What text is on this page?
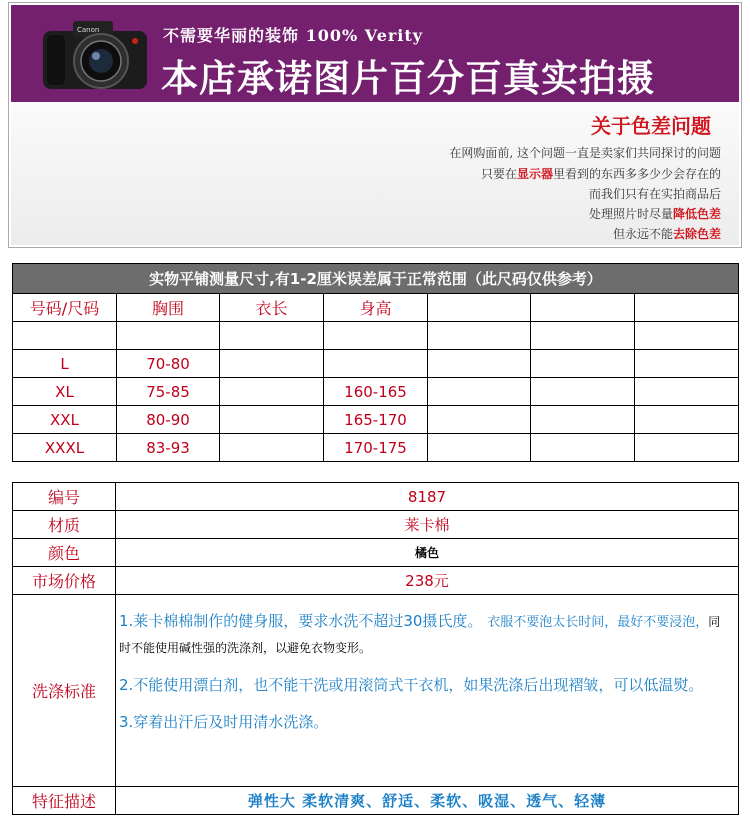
Canon	不需要华丽的装饰 100% Verity
本店承诺图片百分百真实拍摄
关于色差问题
在网购面前, 这个问题一直是卖家们共同探讨的问题
只要在显示器里看到的东西多多少少会存在的
而我们只有在实拍商品后
处理照片时尽量降低色差
但永远不能去除色差
实物平铺测量尺寸,有1-2厘米误差属于正常范围（此尺码仅供参考）						
号码/尺码	胸围	衣长	身高			

L	70-80					
XL	75-85		160-165			
XXL	80-90		165-170			
XXXL	83-93		170-175			
编号	8187
材质	莱卡棉
颜色	橘色
市场价格	238元
洗涤标准	1.莱卡棉棉制作的健身服，要求水洗不超过30摄氏度。 衣服不要泡太长时间，最好不要浸泡，同时不能使用碱性强的洗涤剂，以避免衣物变形。
2.不能使用漂白剂，也不能干洗或用滚筒式干衣机，如果洗涤后出现褶皱，可以低温熨。
3.穿着出汗后及时用清水洗涤。

特征描述	弹性大 柔软清爽、舒适、柔软、吸湿、透气、轻薄
